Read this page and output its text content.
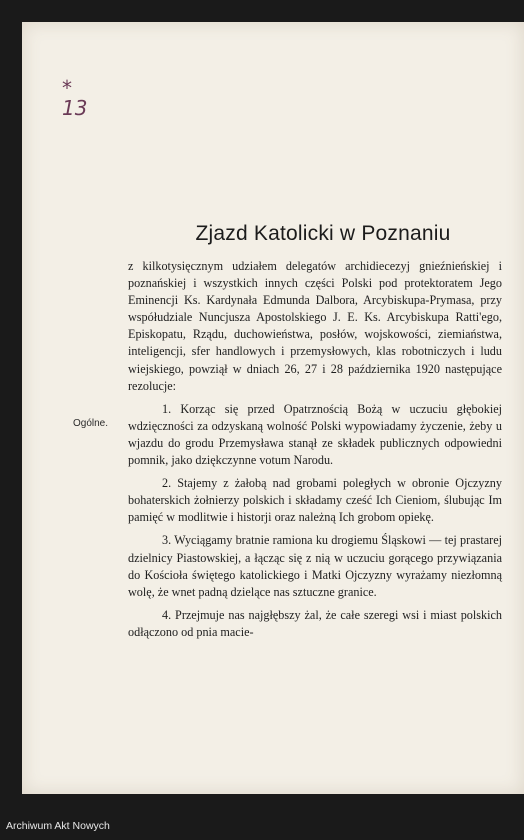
*
13
Zjazd Katolicki w Poznaniu
Ogólne.

z kilkotysięcznym udziałem delegatów archidiecezyj gnieźnieńskiej i poznańskiej i wszystkich innych części Polski pod protektoratem Jego Eminencji Ks. Kardynała Edmunda Dalbora, Arcybiskupa-Prymasa, przy współudziale Nuncjusza Apostolskiego J. E. Ks. Arcybiskupa Ratti'ego, Episkopatu, Rządu, duchowieństwa, posłów, wojskowości, ziemiaństwa, inteligencji, sfer handlowych i przemysłowych, klas robotniczych i ludu wiejskiego, powziął w dniach 26, 27 i 28 października 1920 następujące rezolucje:

1. Korząc się przed Opatrznością Bożą w uczuciu głębokiej wdzięczności za odzyskaną wolność Polski wypowiadamy życzenie, żeby u wjazdu do grodu Przemysława stanął ze składek publicznych odpowiedni pomnik, jako dziękczynne votum Narodu.

2. Stajemy z żałobą nad grobami poległych w obronie Ojczyzny bohaterskich żołnierzy polskich i składamy cześć Ich Cieniom, ślubując Im pamięć w modlitwie i historji oraz należną Ich grobom opiekę.

3. Wyciągamy bratnie ramiona ku drogiemu Śląskowi — tej prastarej dzielnicy Piastowskiej, a łącząc się z nią w uczuciu gorącego przywiązania do Kościoła świętego katolickiego i Matki Ojczyzny wyrażamy niezłomną wolę, że wnet padną dzielące nas sztuczne granice.

4. Przejmuje nas najgłębszy żal, że całe szeregi wsi i miast polskich odłączono od pnia macie-

Archiwum Akt Nowych
